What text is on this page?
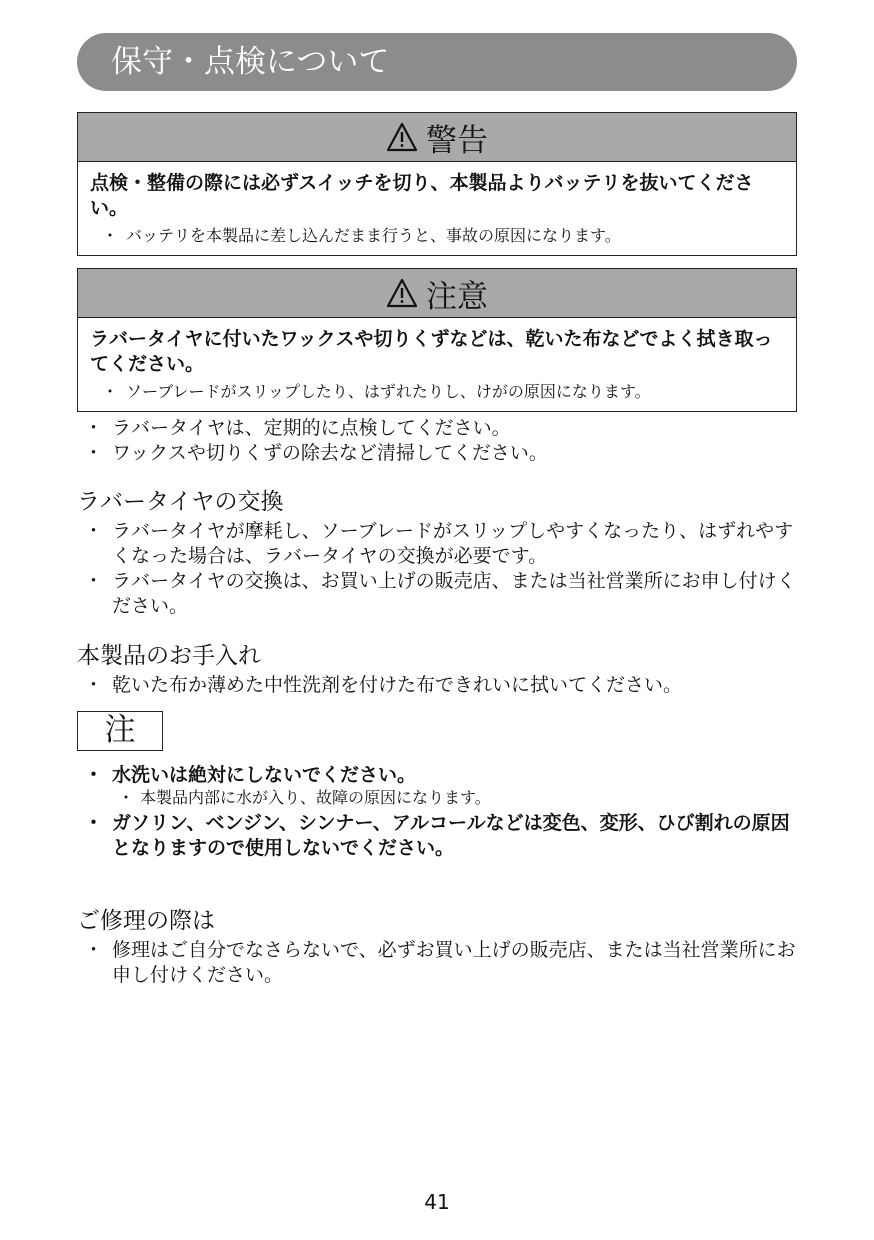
保守・点検について
警告

点検・整備の際には必ずスイッチを切り、本製品よりバッテリを抜いてください。

・ バッテリを本製品に差し込んだまま行うと、事故の原因になります。

注意

ラバータイヤに付いたワックスや切りくずなどは、乾いた布などでよく拭き取ってください。

・ ソーブレードがスリップしたり、はずれたりし、けがの原因になります。

・ ラバータイヤは、定期的に点検してください。
・ ワックスや切りくずの除去など清掃してください。
ラバータイヤの交換
・ ラバータイヤが摩耗し、ソーブレードがスリップしやすくなったり、はずれやすくなった場合は、ラバータイヤの交換が必要です。
・ ラバータイヤの交換は、お買い上げの販売店、または当社営業所にお申し付けください。
本製品のお手入れ
・ 乾いた布か薄めた中性洗剤を付けた布できれいに拭いてください。
注
・ 水洗いは絶対にしないでください。
・ 本製品内部に水が入り、故障の原因になります。
・ ガソリン、ベンジン、シンナー、アルコールなどは変色、変形、ひび割れの原因となりますので使用しないでください。
ご修理の際は
・ 修理はご自分でなさらないで、必ずお買い上げの販売店、または当社営業所にお申し付けください。
41
